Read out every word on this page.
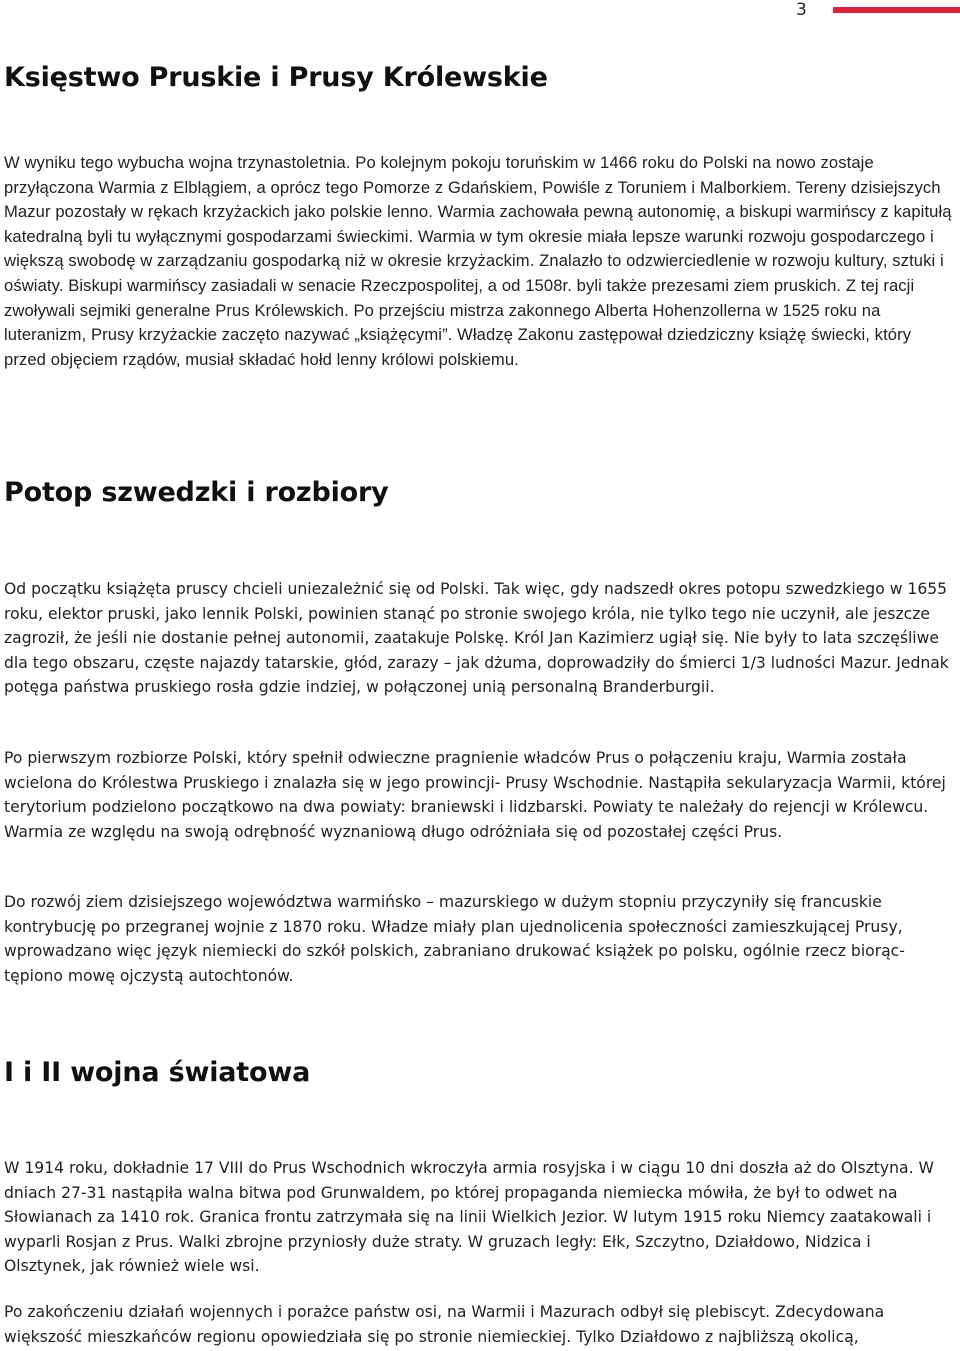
3
Księstwo Pruskie i Prusy Królewskie

W wyniku tego wybucha wojna trzynastoletnia. Po kolejnym pokoju toruńskim w 1466 roku do Polski na nowo zostaje przyłączona Warmia z Elblągiem, a oprócz tego Pomorze z Gdańskiem, Powiśle z Toruniem i Malborkiem. Tereny dzisiejszych Mazur pozostały w rękach krzyżackich jako polskie lenno. Warmia zachowała pewną autonomię, a biskupi warmińscy z kapitułą katedralną byli tu wyłącznymi gospodarzami świeckimi. Warmia w tym okresie miała lepsze warunki rozwoju gospodarczego i większą swobodę w zarządzaniu gospodarką niż w okresie krzyżackim. Znalazło to odzwierciedlenie w rozwoju kultury, sztuki i oświaty. Biskupi warmińscy zasiadali w senacie Rzeczpospolitej, a od 1508r. byli także prezesami ziem pruskich. Z tej racji zwoływali sejmiki generalne Prus Królewskich. Po przejściu mistrza zakonnego Alberta Hohenzollerna w 1525 roku na luteranizm, Prusy krzyżackie zaczęto nazywać „książęcymi”. Władzę Zakonu zastępował dziedziczny książę świecki, który przed objęciem rządów, musiał składać hołd lenny królowi polskiemu.

Potop szwedzki i rozbiory

Od początku książęta pruscy chcieli uniezależnić się od Polski. Tak więc, gdy nadszedł okres potopu szwedzkiego w 1655 roku, elektor pruski, jako lennik Polski, powinien stanąć po stronie swojego króla, nie tylko tego nie uczynił, ale jeszcze zagroził, że jeśli nie dostanie pełnej autonomii, zaatakuje Polskę. Król Jan Kazimierz ugiął się. Nie były to lata szczęśliwe dla tego obszaru, częste najazdy tatarskie, głód, zarazy – jak dżuma, doprowadziły do śmierci 1/3 ludności Mazur. Jednak potęga państwa pruskiego rosła gdzie indziej, w połączonej unią personalną Branderburgii.

Po pierwszym rozbiorze Polski, który spełnił odwieczne pragnienie władców Prus o połączeniu kraju, Warmia została wcielona do Królestwa Pruskiego i znalazła się w jego prowincji- Prusy Wschodnie. Nastąpiła sekularyzacja Warmii, której terytorium podzielono początkowo na dwa powiaty: braniewski i lidzbarski. Powiaty te należały do rejencji w Królewcu. Warmia ze względu na swoją odrębność wyznaniową długo odróżniała się od pozostałej części Prus.

Do rozwój ziem dzisiejszego województwa warmińsko – mazurskiego w dużym stopniu przyczyniły się francuskie kontrybucję po przegranej wojnie z 1870 roku. Władze miały plan ujednolicenia społeczności zamieszkującej Prusy, wprowadzano więc język niemiecki do szkół polskich, zabraniano drukować książek po polsku, ogólnie rzecz biorąc- tępiono mowę ojczystą autochtonów.

I i II wojna światowa

W 1914 roku, dokładnie 17 VIII do Prus Wschodnich wkroczyła armia rosyjska i w ciągu 10 dni doszła aż do Olsztyna. W dniach 27-31 nastąpiła walna bitwa pod Grunwaldem, po której propaganda niemiecka mówiła, że był to odwet na Słowianach za 1410 rok. Granica frontu zatrzymała się na linii Wielkich Jezior. W lutym 1915 roku Niemcy zaatakowali i wyparli Rosjan z Prus. Walki zbrojne przyniosły duże straty. W gruzach legły: Ełk, Szczytno, Działdowo, Nidzica i Olsztynek, jak również wiele wsi.

Po zakończeniu działań wojennych i porażce państw osi, na Warmii i Mazurach odbył się plebiscyt. Zdecydowana większość mieszkańców regionu opowiedziała się po stronie niemieckiej. Tylko Działdowo z najbliższą okolicą,
